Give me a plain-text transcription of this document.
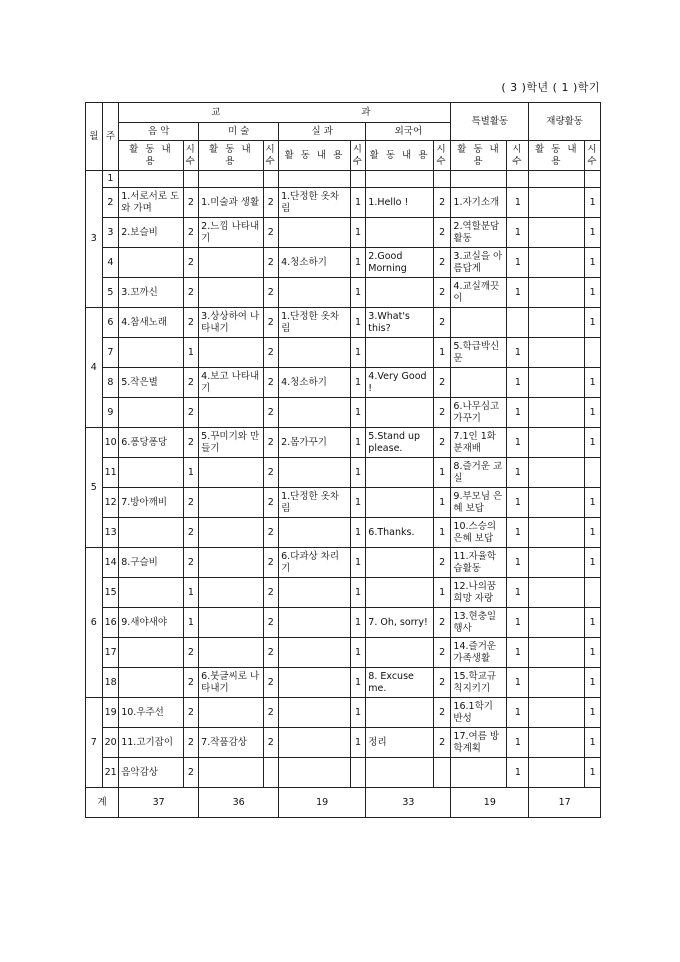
( 3 )학년 ( 1 )학기
월	주	교 과								특별활동		재량활동	
		음 악		미 술		실 과		외국어					
		활 동 내 용	시 수	활 동 내 용	시 수	활 동 내 용	시 수	활 동 내 용	시 수	활 동 내 용	시 수	활 동 내 용	시 수
3	1												
	2	1.서로서로 도와 가며	2	1.미술과 생활	2	1.단정한 옷차림	1	1.Hello !	2	1.자기소개	1		1
	3	2.보슬비	2	2.느낌 나타내기	2		1		2	2.역할분담활동	1		1
	4		2		2	4.청소하기	1	2.Good Morning	2	3.교실을 아름답게	1		1
	5	3.꼬까신	2		2		1		2	4.교실깨끗이	1		1
4	6	4.참새노래	2	3.상상하여 나타내기	2	1.단정한 옷차림	1	3.What's this?	2				1
	7		1		2		1		1	5.학급박신문	1		
	8	5.작은별	2	4.보고 나타내기	2	4.청소하기	1	4.Very Good !	2		1		1
	9		2		2		1		2	6.나무심고 가꾸기	1		1
5	10	6.퐁당퐁당	2	5.꾸미기와 만들기	2	2.몸가꾸기	1	5.Stand up please.	2	7.1인 1화분재배	1		1
	11		1		2		1		1	8.즐거운 교실	1		
	12	7.방아깨비	2		2	1.단정한 옷차림	1		1	9.부모님 은혜 보답	1		1
	13		2		2		1	6.Thanks.	1	10.스승의 은혜 보답	1		1
6	14	8.구슬비	2		2	6.다과상 차리기	1		2	11.자율학습활동	1		1
	15		1		2		1		1	12.나의꿈 희망 자랑	1		
	16	9.새야새야	1		2		1	7. Oh, sorry!	2	13.현충일 행사	1		1
	17		2		2		1		2	14.즐거운 가족생활	1		1
	18		2	6.붓글씨로 나타내기	2		1	8. Excuse me.	2	15.학교규칙지키기	1		1
7	19	10.우주선	2		2		1		2	16.1학기 반성	1		1
	20	11.고기잡이	2	7.작품감상	2		1	정리	2	17.여름 방학계획	1		1
	21	음악감상	2								1		1
계		37		36		19		33		19		17	
